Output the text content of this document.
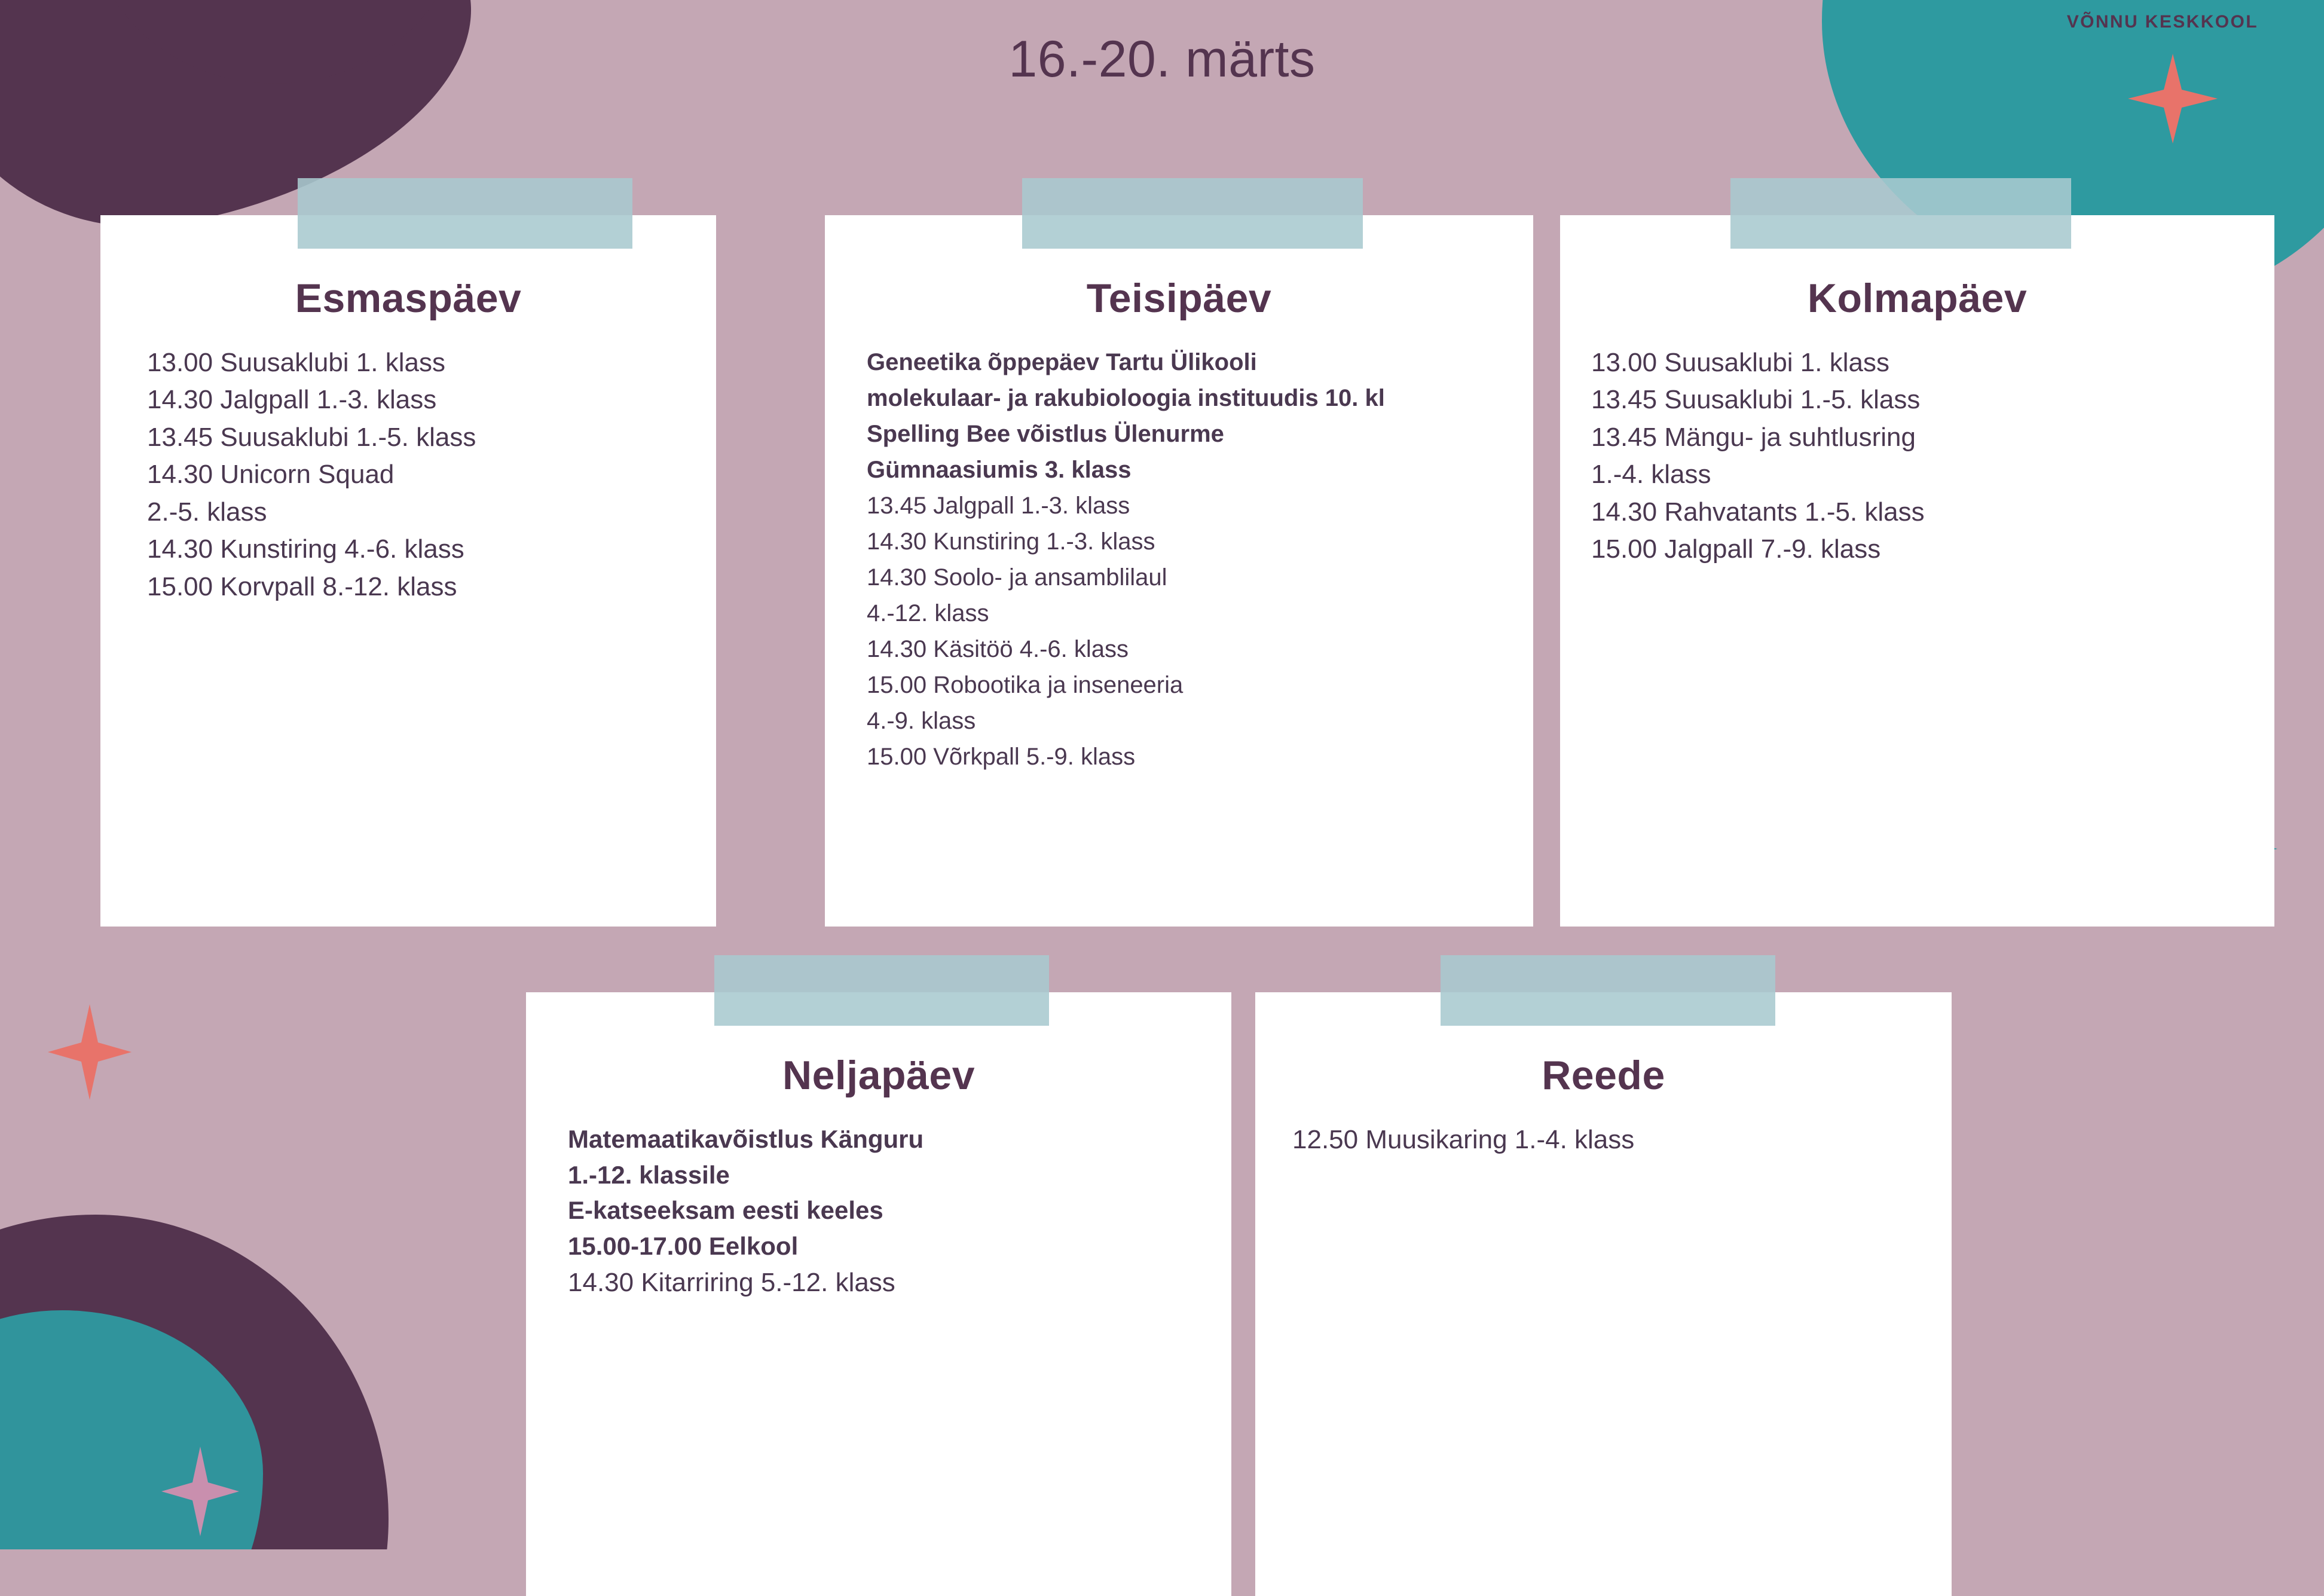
VÕNNU KESKKOOL
16.-20. märts
Esmaspäev
13.00 Suusaklubi 1. klass
14.30 Jalgpall 1.-3. klass
13.45 Suusaklubi 1.-5. klass
14.30 Unicorn Squad
2.-5. klass
14.30 Kunstiring 4.-6. klass
15.00 Korvpall 8.-12. klass
Teisipäev
Geneetika õppepäev Tartu Ülikooli
molekulaar- ja rakubioloogia instituudis 10. kl
Spelling Bee võistlus Ülenurme
Gümnaasiumis 3. klass
13.45 Jalgpall 1.-3. klass
14.30 Kunstiring 1.-3. klass
14.30 Soolo- ja ansamblilaul
4.-12. klass
14.30 Käsitöö 4.-6. klass
15.00 Robootika ja inseneeria
4.-9. klass
15.00 Võrkpall 5.-9. klass
Kolmapäev
13.00 Suusaklubi 1. klass
13.45 Suusaklubi 1.-5. klass
13.45 Mängu- ja suhtlusring
1.-4. klass
14.30 Rahvatants 1.-5. klass
15.00 Jalgpall 7.-9. klass
Neljapäev
Matemaatikavõistlus Känguru
1.-12. klassile
E-katseeksam eesti keeles
15.00-17.00 Eelkool
14.30 Kitarriring 5.-12. klass
Reede
12.50 Muusikaring 1.-4. klass
